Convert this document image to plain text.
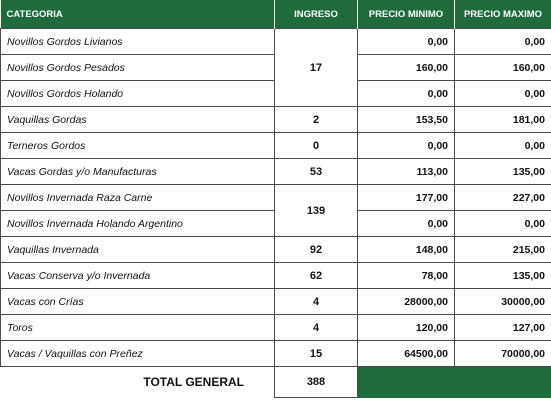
CATEGORIA	INGRESO	PRECIO MINIMO	PRECIO MAXIMO
Novillos Gordos Livianos	17	0,00	0,00
Novillos Gordos Pesados		160,00	160,00
Novillos Gordos Holando		0,00	0,00
Vaquillas Gordas	2	153,50	181,00
Terneros Gordos	0	0,00	0,00
Vacas Gordas y/o Manufacturas	53	113,00	135,00
Novillos Invernada Raza Carne	139	177,00	227,00
Novillos Invernada Holando Argentino		0,00	0,00
Vaquillas Invernada	92	148,00	215,00
Vacas Conserva y/o Invernada	62	78,00	135,00
Vacas con Crías	4	28000,00	30000,00
Toros	4	120,00	127,00
Vacas / Vaquillas con Preñez	15	64500,00	70000,00
TOTAL GENERAL	388		
